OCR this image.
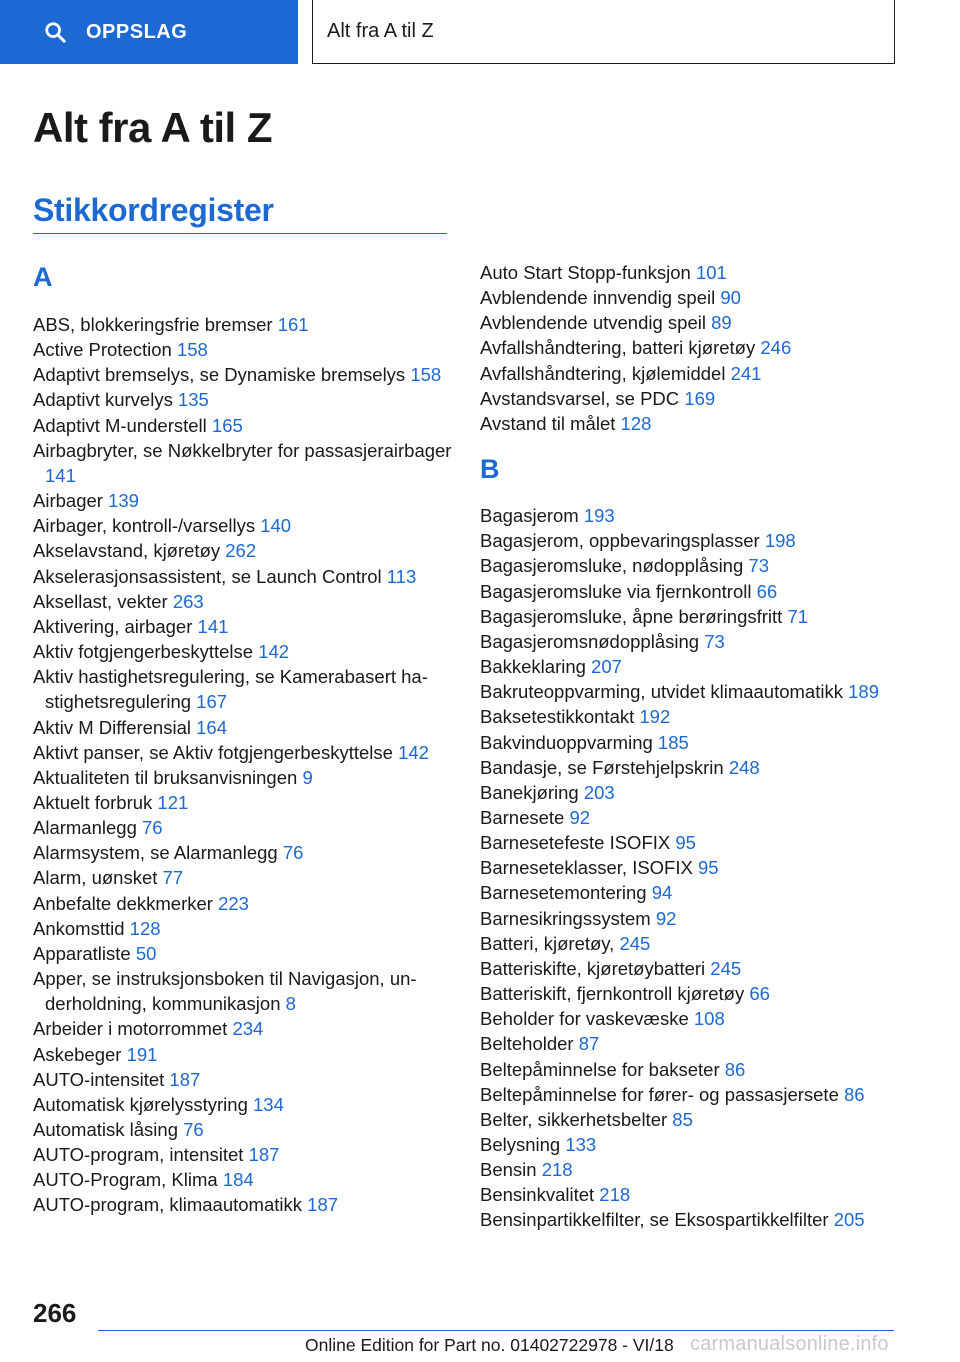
OPPSLAG	Alt fra A til Z
Alt fra A til Z
Stikkordregister
A
ABS, blokkeringsfrie bremser 161
Active Protection 158
Adaptivt bremselys, se Dynamiske bremselys 158
Adaptivt kurvelys 135
Adaptivt M-understell 165
Airbagbryter, se Nøkkelbryter for passasjerairbager 141
Airbager 139
Airbager, kontroll-/varsellys 140
Akselavstand, kjøretøy 262
Akselerasjonsassistent, se Launch Control 113
Aksellast, vekter 263
Aktivering, airbager 141
Aktiv fotgjengerbeskyttelse 142
Aktiv hastighetsregulering, se Kamerabasert hastighetsregulering 167
Aktiv M Differensial 164
Aktivt panser, se Aktiv fotgjengerbeskyttelse 142
Aktualiteten til bruksanvisningen 9
Aktuelt forbruk 121
Alarmanlegg 76
Alarmsystem, se Alarmanlegg 76
Alarm, uønsket 77
Anbefalte dekkmerker 223
Ankomsttid 128
Apparatliste 50
Apper, se instruksjonsboken til Navigasjon, underholdning, kommunikasjon 8
Arbeider i motorrommet 234
Askebeger 191
AUTO-intensitet 187
Automatisk kjørelysstyring 134
Automatisk låsing 76
AUTO-program, intensitet 187
AUTO-Program, Klima 184
AUTO-program, klimaautomatikk 187
Auto Start Stopp-funksjon 101
Avblendende innvendig speil 90
Avblendende utvendig speil 89
Avfallshåndtering, batteri kjøretøy 246
Avfallshåndtering, kjølemiddel 241
Avstandsvarsel, se PDC 169
Avstand til målet 128
B
Bagasjerom 193
Bagasjerom, oppbevaringsplasser 198
Bagasjeromsluke, nødopplåsing 73
Bagasjeromsluke via fjernkontroll 66
Bagasjeromsluke, åpne berøringsfritt 71
Bagasjeromsnødopplåsing 73
Bakkeklaring 207
Bakruteoppvarming, utvidet klimaautomatikk 189
Baksetestikkontakt 192
Bakvinduoppvarming 185
Bandasje, se Førstehjelpskrin 248
Banekjøring 203
Barnesete 92
Barnesetefeste ISOFIX 95
Barneseteklasser, ISOFIX 95
Barnesetemontering 94
Barnesikringssystem 92
Batteri, kjøretøy, 245
Batteriskifte, kjøretøybatteri 245
Batteriskift, fjernkontroll kjøretøy 66
Beholder for vaskevæske 108
Belteholder 87
Beltepåminnelse for bakseter 86
Beltepåminnelse for fører- og passasjersete 86
Belter, sikkerhetsbelter 85
Belysning 133
Bensin 218
Bensinkvalitet 218
Bensinpartikkelfilter, se Eksospartikkelfilter 205
266
Online Edition for Part no. 01402722978 - VI/18 carmanualsonline.info
